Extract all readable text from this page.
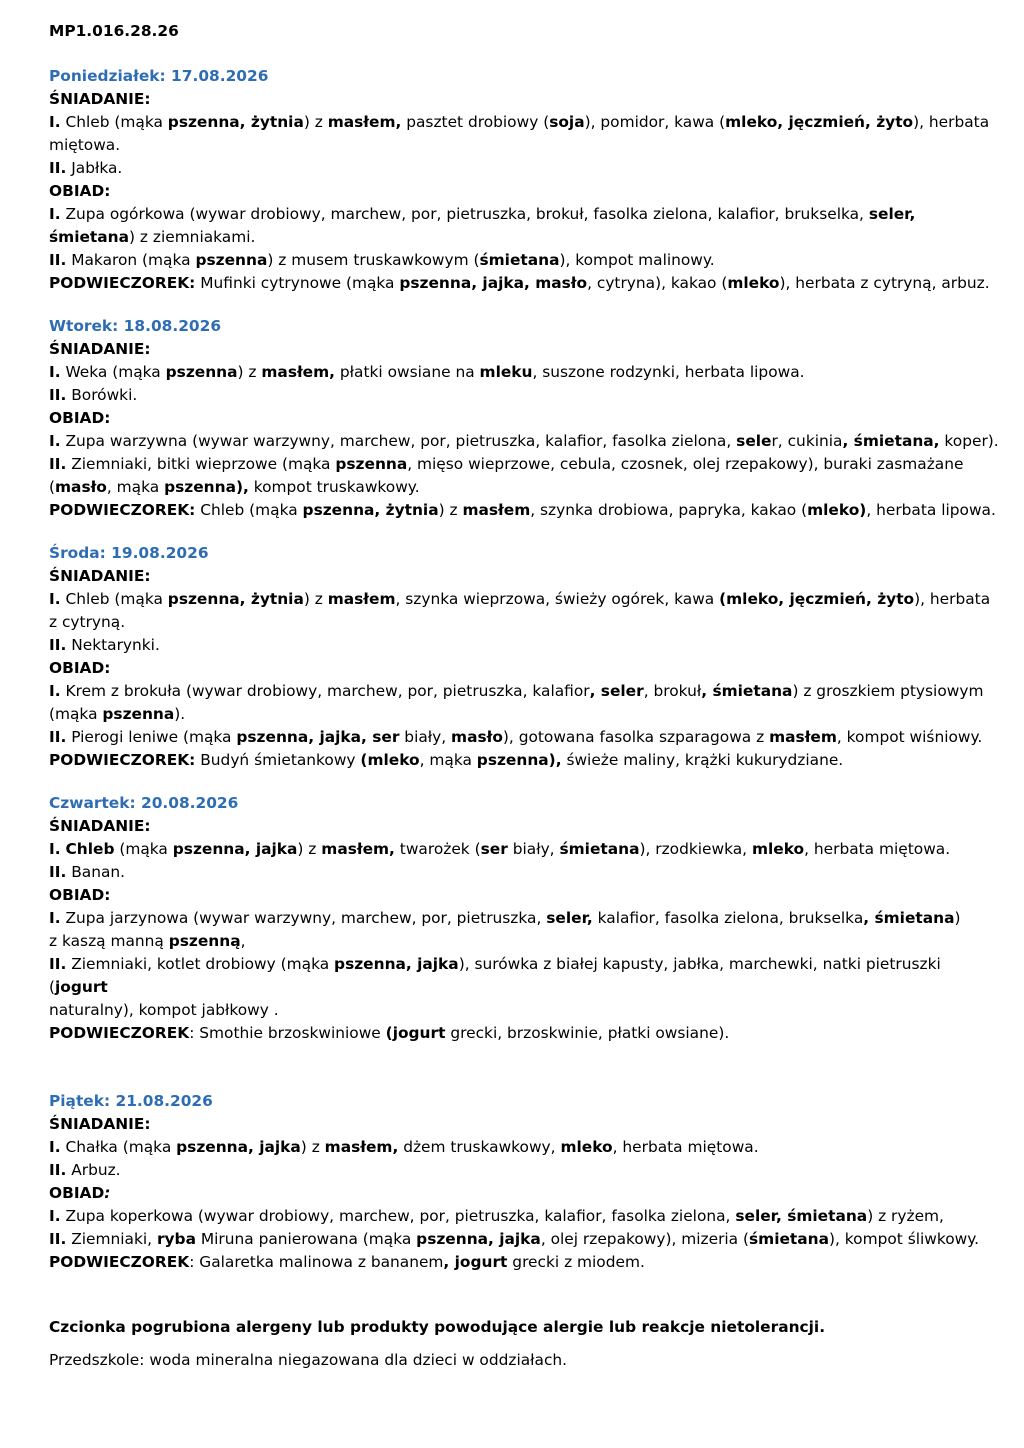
MP1.016.28.26

Poniedziałek: 17.08.2026

ŚNIADANIE:

I. Chleb (mąka pszenna, żytnia) z masłem, pasztet drobiowy (soja), pomidor, kawa (mleko, jęczmień, żyto), herbata
miętowa.

II. Jabłka.

OBIAD:

I. Zupa ogórkowa (wywar drobiowy, marchew, por, pietruszka, brokuł, fasolka zielona, kalafior, brukselka, seler,
śmietana) z ziemniakami.

II. Makaron (mąka pszenna) z musem truskawkowym (śmietana), kompot malinowy.

PODWIECZOREK: Mufinki cytrynowe (mąka pszenna, jajka, masło, cytryna), kakao (mleko), herbata z cytryną, arbuz.

Wtorek: 18.08.2026

ŚNIADANIE:

I. Weka (mąka pszenna) z masłem, płatki owsiane na mleku, suszone rodzynki, herbata lipowa.

II. Borówki.

OBIAD:

I. Zupa warzywna (wywar warzywny, marchew, por, pietruszka, kalafior, fasolka zielona, seler, cukinia, śmietana, koper).

II. Ziemniaki, bitki wieprzowe (mąka pszenna, mięso wieprzowe, cebula, czosnek, olej rzepakowy), buraki zasmażane
(masło, mąka pszenna), kompot truskawkowy.

PODWIECZOREK: Chleb (mąka pszenna, żytnia) z masłem, szynka drobiowa, papryka, kakao (mleko), herbata lipowa.

Środa: 19.08.2026

ŚNIADANIE:

I. Chleb (mąka pszenna, żytnia) z masłem, szynka wieprzowa, świeży ogórek, kawa (mleko, jęczmień, żyto), herbata
z cytryną.

II. Nektarynki.

OBIAD:

I. Krem z brokuła (wywar drobiowy, marchew, por, pietruszka, kalafior, seler, brokuł, śmietana) z groszkiem ptysiowym
(mąka pszenna).

II. Pierogi leniwe (mąka pszenna, jajka, ser biały, masło), gotowana fasolka szparagowa z masłem, kompot wiśniowy.

PODWIECZOREK: Budyń śmietankowy (mleko, mąka pszenna), świeże maliny, krążki kukurydziane.

Czwartek: 20.08.2026

ŚNIADANIE:

I. Chleb (mąka pszenna, jajka) z masłem, twarożek (ser biały, śmietana), rzodkiewka, mleko, herbata miętowa.

II. Banan.

OBIAD:

I. Zupa jarzynowa (wywar warzywny, marchew, por, pietruszka, seler, kalafior, fasolka zielona, brukselka, śmietana)
z kaszą manną pszenną,

II. Ziemniaki, kotlet drobiowy (mąka pszenna, jajka), surówka z białej kapusty, jabłka, marchewki, natki pietruszki (jogurt
naturalny), kompot jabłkowy .

PODWIECZOREK: Smothie brzoskwiniowe (jogurt grecki, brzoskwinie, płatki owsiane).

Piątek: 21.08.2026

ŚNIADANIE:

I. Chałka (mąka pszenna, jajka) z masłem, dżem truskawkowy, mleko, herbata miętowa.

II. Arbuz.

OBIAD:

I. Zupa koperkowa (wywar drobiowy, marchew, por, pietruszka, kalafior, fasolka zielona, seler, śmietana) z ryżem,

II. Ziemniaki, ryba Miruna panierowana (mąka pszenna, jajka, olej rzepakowy), mizeria (śmietana), kompot śliwkowy.

PODWIECZOREK: Galaretka malinowa z bananem, jogurt grecki z miodem.

Czcionka pogrubiona alergeny lub produkty powodujące alergie lub reakcje nietolerancji.

Przedszkole: woda mineralna niegazowana dla dzieci w oddziałach.
